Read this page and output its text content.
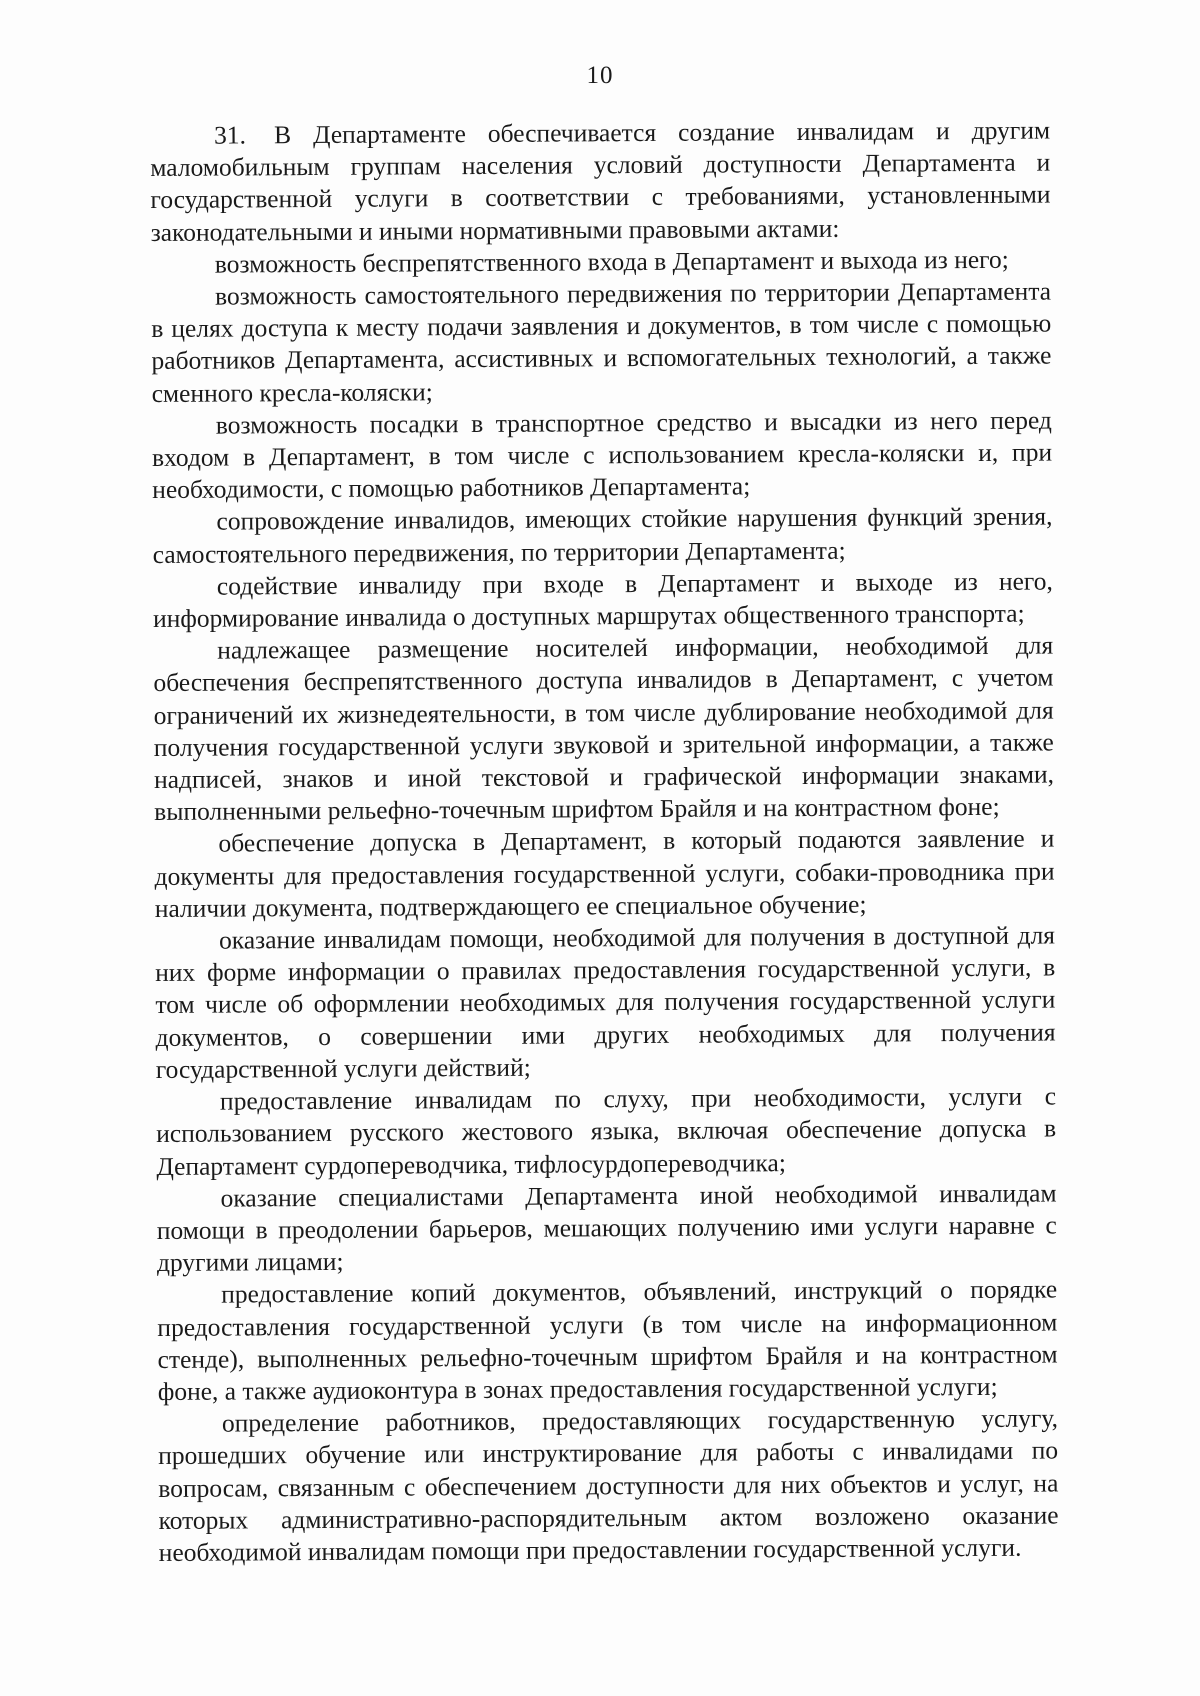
10

31. В Департаменте обеспечивается создание инвалидам и другим маломобильным группам населения условий доступности Департамента и государственной услуги в соответствии с требованиями, установленными законодательными и иными нормативными правовыми актами:

возможность беспрепятственного входа в Департамент и выхода из него;

возможность самостоятельного передвижения по территории Департамента в целях доступа к месту подачи заявления и документов, в том числе с помощью работников Департамента, ассистивных и вспомогательных технологий, а также сменного кресла-коляски;

возможность посадки в транспортное средство и высадки из него перед входом в Департамент, в том числе с использованием кресла-коляски и, при необходимости, с помощью работников Департамента;

сопровождение инвалидов, имеющих стойкие нарушения функций зрения, самостоятельного передвижения, по территории Департамента;

содействие инвалиду при входе в Департамент и выходе из него, информирование инвалида о доступных маршрутах общественного транспорта;

надлежащее размещение носителей информации, необходимой для обеспечения беспрепятственного доступа инвалидов в Департамент, с учетом ограничений их жизнедеятельности, в том числе дублирование необходимой для получения государственной услуги звуковой и зрительной информации, а также надписей, знаков и иной текстовой и графической информации знаками, выполненными рельефно-точечным шрифтом Брайля и на контрастном фоне;

обеспечение допуска в Департамент, в который подаются заявление и документы для предоставления государственной услуги, собаки-проводника при наличии документа, подтверждающего ее специальное обучение;

оказание инвалидам помощи, необходимой для получения в доступной для них форме информации о правилах предоставления государственной услуги, в том числе об оформлении необходимых для получения государственной услуги документов, о совершении ими других необходимых для получения государственной услуги действий;

предоставление инвалидам по слуху, при необходимости, услуги с использованием русского жестового языка, включая обеспечение допуска в Департамент сурдопереводчика, тифлосурдопереводчика;

оказание специалистами Департамента иной необходимой инвалидам помощи в преодолении барьеров, мешающих получению ими услуги наравне с другими лицами;

предоставление копий документов, объявлений, инструкций о порядке предоставления государственной услуги (в том числе на информационном стенде), выполненных рельефно-точечным шрифтом Брайля и на контрастном фоне, а также аудиоконтура в зонах предоставления государственной услуги;

определение работников, предоставляющих государственную услугу, прошедших обучение или инструктирование для работы с инвалидами по вопросам, связанным с обеспечением доступности для них объектов и услуг, на которых административно-распорядительным актом возложено оказание необходимой инвалидам помощи при предоставлении государственной услуги.
